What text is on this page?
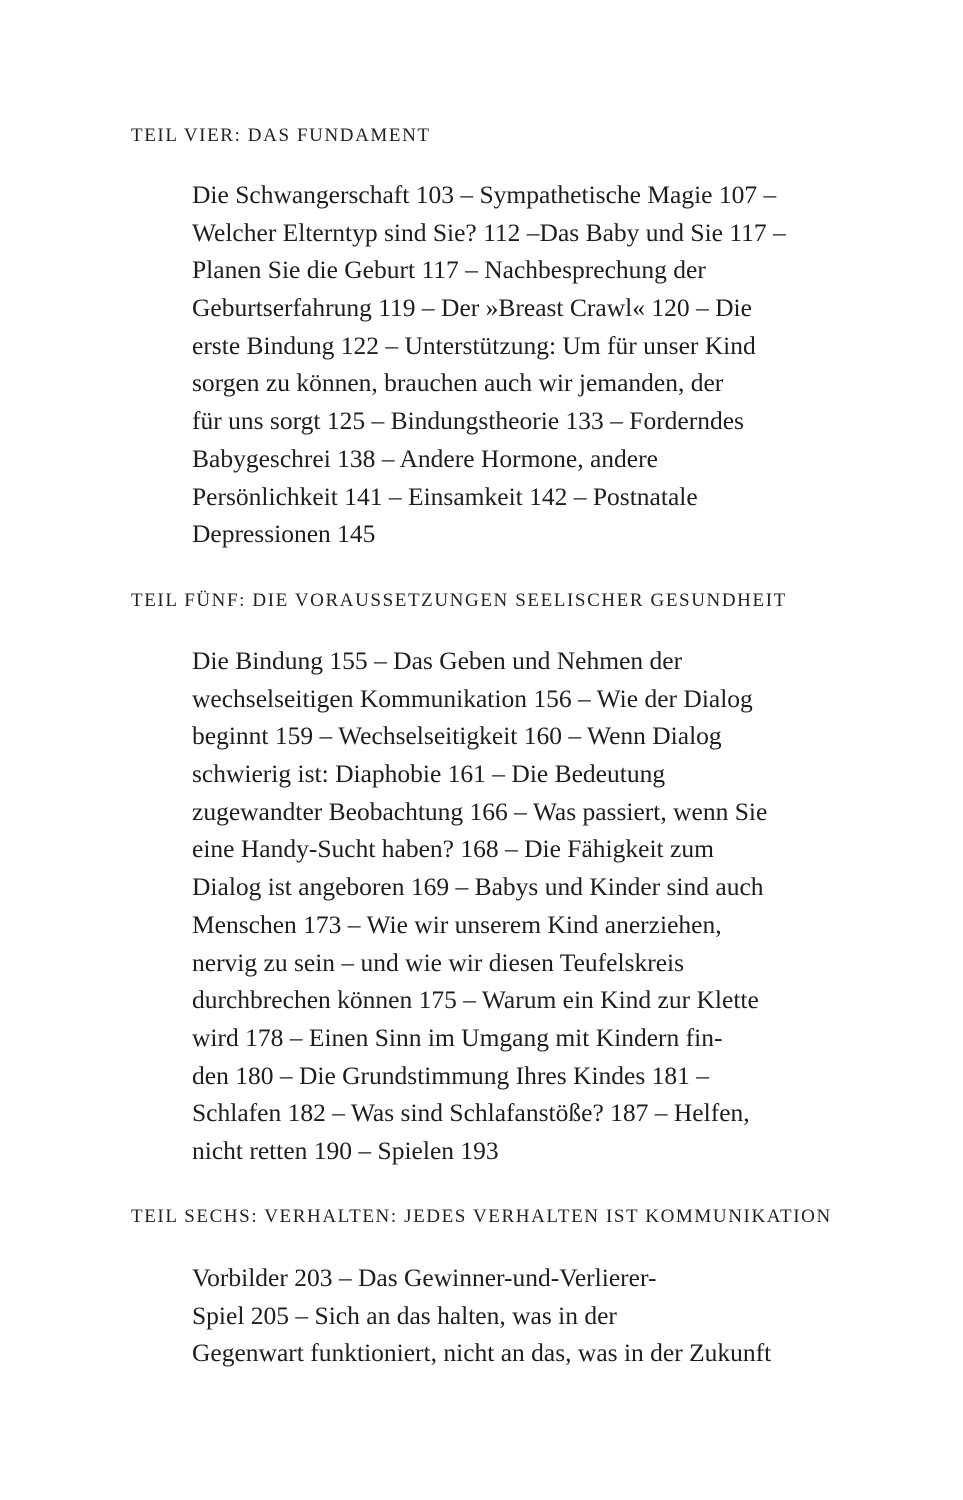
TEIL VIER: DAS FUNDAMENT
Die Schwangerschaft 103 – Sympathetische Magie 107 –
Welcher Elterntyp sind Sie? 112 –Das Baby und Sie 117 –
Planen Sie die Geburt 117 – Nachbesprechung der
Geburtserfahrung 119 – Der »Breast Crawl« 120 – Die
erste Bindung 122 – Unterstützung: Um für unser Kind
sorgen zu können, brauchen auch wir jemanden, der
für uns sorgt 125 – Bindungstheorie 133 – Forderndes
Babygeschrei 138 – Andere Hormone, andere
Persönlichkeit 141 – Einsamkeit 142 – Postnatale
Depressionen 145
TEIL FÜNF: DIE VORAUSSETZUNGEN SEELISCHER GESUNDHEIT
Die Bindung 155 – Das Geben und Nehmen der
wechselseitigen Kommunikation 156 – Wie der Dialog
beginnt 159 – Wechselseitigkeit 160 – Wenn Dialog
schwierig ist: Diaphobie 161 – Die Bedeutung
zugewandter Beobachtung 166 – Was passiert, wenn Sie
eine Handy-Sucht haben? 168 – Die Fähigkeit zum
Dialog ist angeboren 169 – Babys und Kinder sind auch
Menschen 173 – Wie wir unserem Kind anerziehen,
nervig zu sein – und wie wir diesen Teufelskreis
durchbrechen können 175 – Warum ein Kind zur Klette
wird 178 – Einen Sinn im Umgang mit Kindern fin-
den 180 – Die Grundstimmung Ihres Kindes 181 –
Schlafen 182 – Was sind Schlafanstöße? 187 – Helfen,
nicht retten 190 – Spielen 193
TEIL SECHS: VERHALTEN: JEDES VERHALTEN IST KOMMUNIKATION
Vorbilder 203 – Das Gewinner-und-Verlierer-
Spiel 205 – Sich an das halten, was in der
Gegenwart funktioniert, nicht an das, was in der Zukunft
